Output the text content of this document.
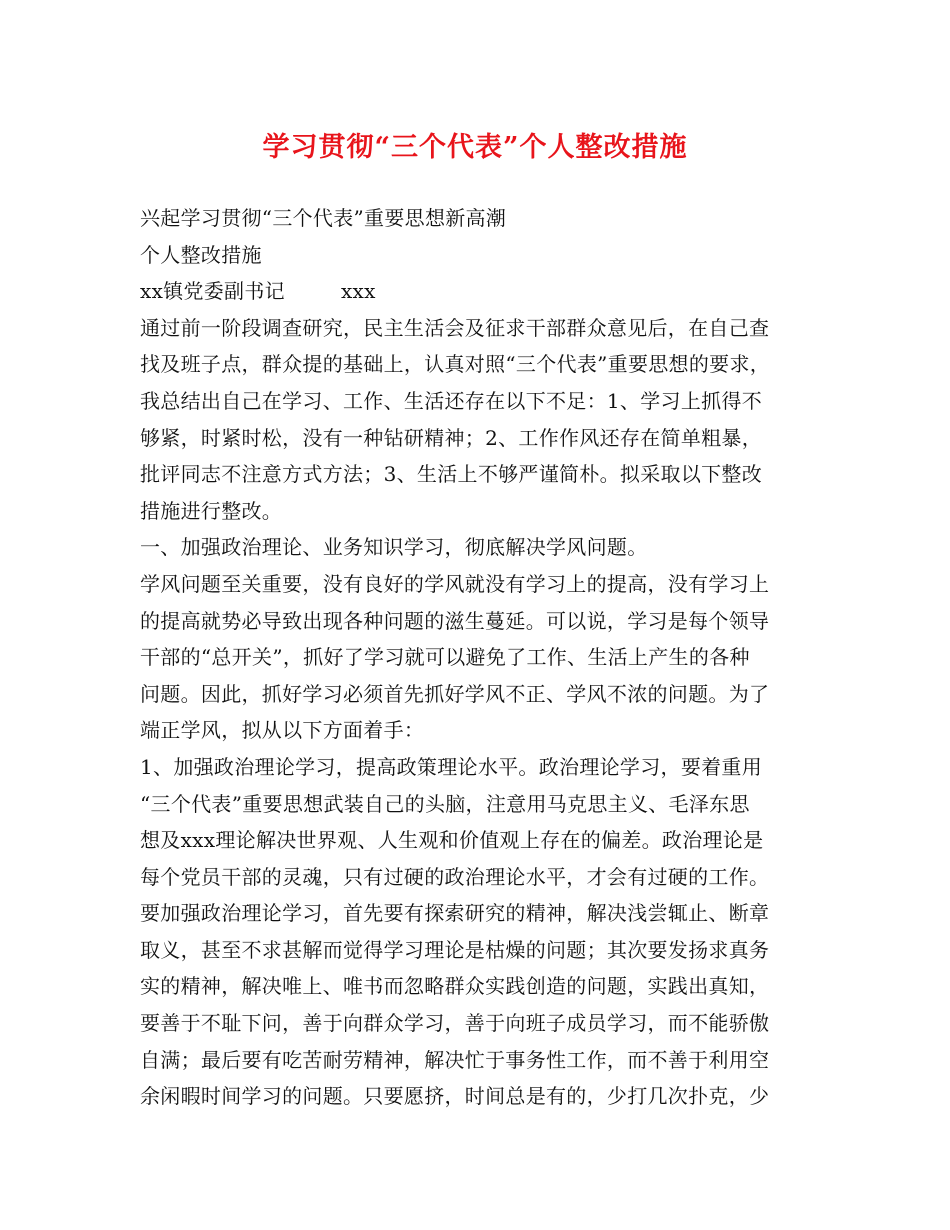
学习贯彻“三个代表”个人整改措施

兴起学习贯彻“三个代表”重要思想新高潮

个人整改措施

xx镇党委副书记	xxx

通过前一阶段调查研究，民主生活会及征求干部群众意见后，在自己查

找及班子点，群众提的基础上，认真对照“三个代表”重要思想的要求，

我总结出自己在学习、工作、生活还存在以下不足：1、学习上抓得不

够紧，时紧时松，没有一种钻研精神；2、工作作风还存在简单粗暴，

批评同志不注意方式方法；3、生活上不够严谨简朴。拟采取以下整改

措施进行整改。

一、加强政治理论、业务知识学习，彻底解决学风问题。

学风问题至关重要，没有良好的学风就没有学习上的提高，没有学习上

的提高就势必导致出现各种问题的滋生蔓延。可以说，学习是每个领导

干部的“总开关”，抓好了学习就可以避免了工作、生活上产生的各种

问题。因此，抓好学习必须首先抓好学风不正、学风不浓的问题。为了

端正学风，拟从以下方面着手：

1、加强政治理论学习，提高政策理论水平。政治理论学习，要着重用

“三个代表”重要思想武装自己的头脑，注意用马克思主义、毛泽东思

想及xxx理论解决世界观、人生观和价值观上存在的偏差。政治理论是

每个党员干部的灵魂，只有过硬的政治理论水平，才会有过硬的工作。

要加强政治理论学习，首先要有探索研究的精神，解决浅尝辄止、断章

取义，甚至不求甚解而觉得学习理论是枯燥的问题；其次要发扬求真务

实的精神，解决唯上、唯书而忽略群众实践创造的问题，实践出真知，

要善于不耻下问，善于向群众学习，善于向班子成员学习，而不能骄傲

自满；最后要有吃苦耐劳精神，解决忙于事务性工作，而不善于利用空

余闲暇时间学习的问题。只要愿挤，时间总是有的，少打几次扑克，少
